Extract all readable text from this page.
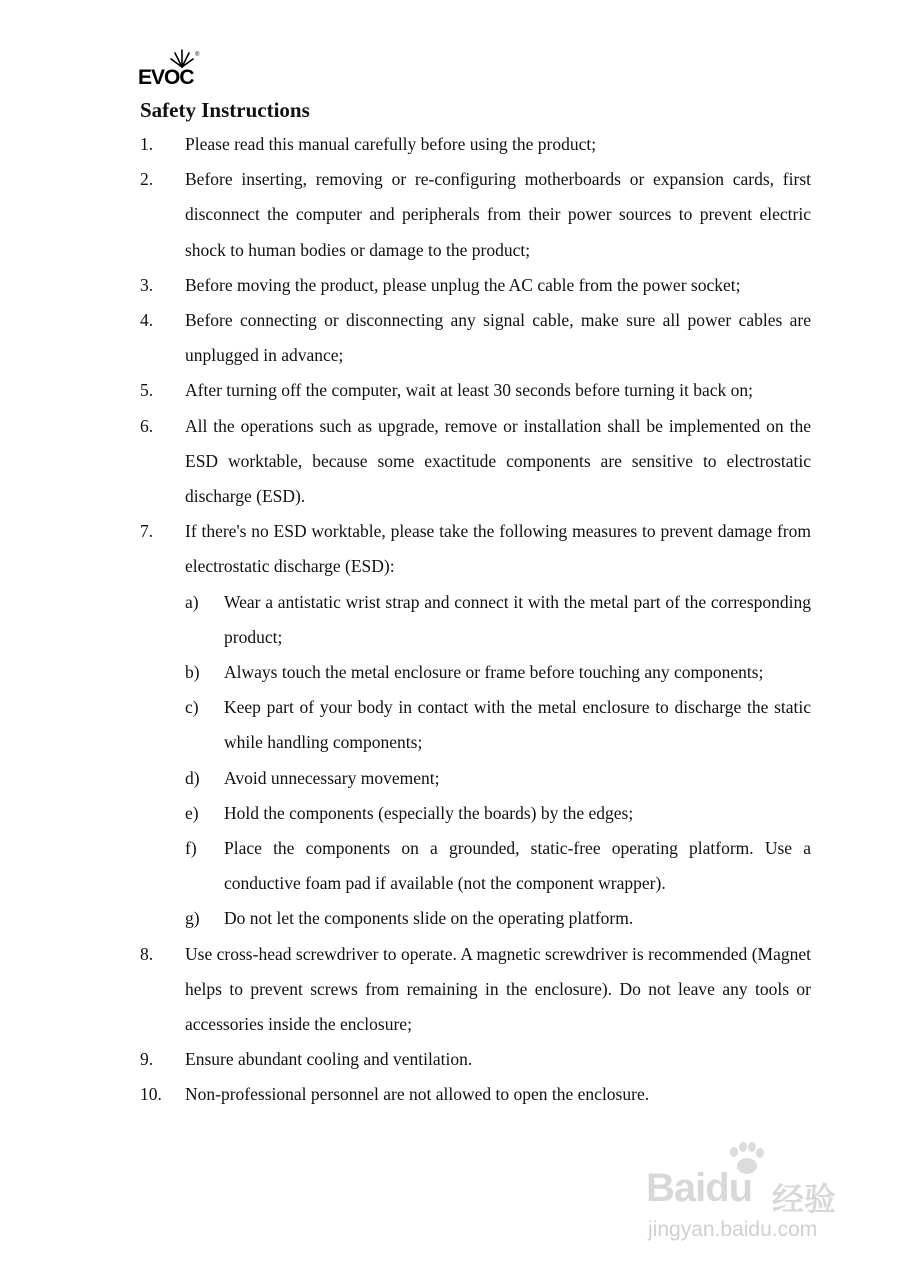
®
EVOC
Safety Instructions
1. Please read this manual carefully before using the product;
2. Before inserting, removing or re-configuring motherboards or expansion cards, first disconnect the computer and peripherals from their power sources to prevent electric shock to human bodies or damage to the product;
3. Before moving the product, please unplug the AC cable from the power socket;
4. Before connecting or disconnecting any signal cable, make sure all power cables are unplugged in advance;
5. After turning off the computer, wait at least 30 seconds before turning it back on;
6. All the operations such as upgrade, remove or installation shall be implemented on the ESD worktable, because some exactitude components are sensitive to electrostatic discharge (ESD).
7. If there's no ESD worktable, please take the following measures to prevent damage from electrostatic discharge (ESD):
a) Wear a antistatic wrist strap and connect it with the metal part of the corresponding product;
b) Always touch the metal enclosure or frame before touching any components;
c) Keep part of your body in contact with the metal enclosure to discharge the static while handling components;
d) Avoid unnecessary movement;
e) Hold the components (especially the boards) by the edges;
f) Place the components on a grounded, static-free operating platform. Use a conductive foam pad if available (not the component wrapper).
g) Do not let the components slide on the operating platform.
8. Use cross-head screwdriver to operate. A magnetic screwdriver is recommended (Magnet helps to prevent screws from remaining in the enclosure). Do not leave any tools or accessories inside the enclosure;
9. Ensure abundant cooling and ventilation.
10. Non-professional personnel are not allowed to open the enclosure.
Baidu 经验
jingyan.baidu.com
